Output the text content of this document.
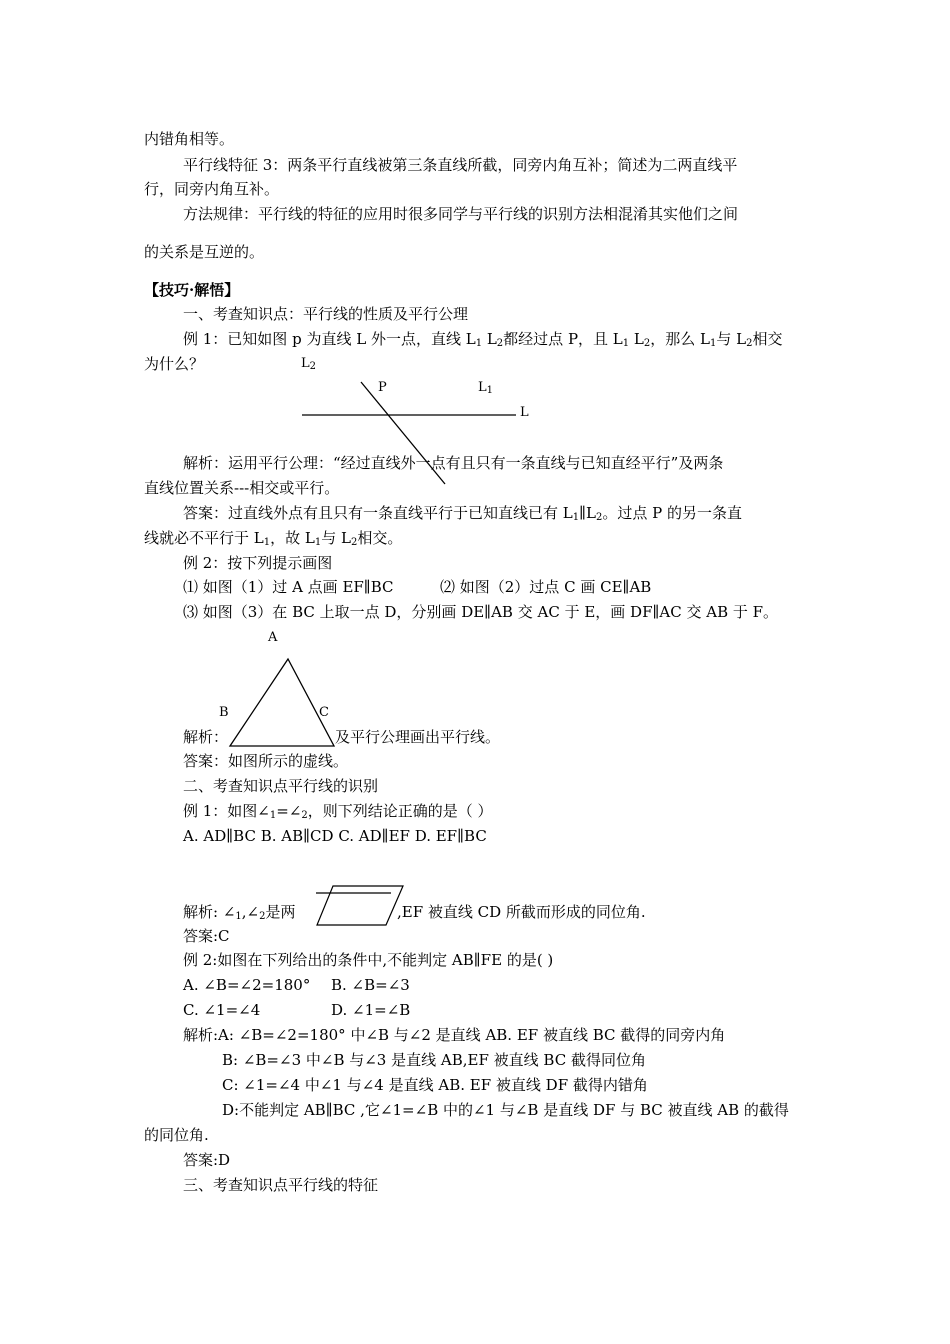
内错角相等。
平行线特征 3：两条平行直线被第三条直线所截，同旁内角互补；简述为二两直线平
行，同旁内角互补。
方法规律：平行线的特征的应用时很多同学与平行线的识别方法相混淆其实他们之间
的关系是互逆的。
【技巧·解悟】
一、考查知识点：平行线的性质及平行公理
例 1：已知如图 p 为直线 L 外一点，直线 $L_1$ $L_2$都经过点 P，且 $L_1$ $L_2$，那么 $L_1$与 $L_2$相交
为什么？	$L_2$
P	$L_1$
L
解析：运用平行公理：“经过直线外一点有且只有一条直线与已知直经平行”及两条
直线位置关系---相交或平行。
答案：过直线外点有且只有一条直线平行于已知直线已有 $L_1\parallel L_2$。过点 P 的另一条直
线就必不平行于 $L_1$，故 $L_1$与 $L_2$相交。
例 2：按下列提示画图
⑴ 如图（1）过 A 点画 EF∥BC	⑵ 如图（2）过点 C 画 CE∥AB
⑶ 如图（3）在 BC 上取一点 D，分别画 DE∥AB 交 AC 于 E，画 DF∥AC 交 AB 于 F。
A
B	C
解析：	及平行公理画出平行线。
答案：如图所示的虚线。
二、考查知识点平行线的识别
例 1：如图$\angle_1=\angle_2$，则下列结论正确的是（ ）
A. AD∥BC B. AB∥CD C. AD∥EF D. EF∥BC
解析: $\angle_1,\angle_2$是两	,EF 被直线 CD 所截而形成的同位角.
答案:C
例 2:如图在下列给出的条件中,不能判定 AB∥FE 的是( )
A. ∠B=∠2=180° B. ∠B=∠3
C. ∠1=∠4	D. ∠1=∠B
解析:A: ∠B=∠2=180° 中∠B 与∠2 是直线 AB. EF 被直线 BC 截得的同旁内角
B: ∠B=∠3 中∠B 与∠3 是直线 AB,EF 被直线 BC 截得同位角
C: ∠1=∠4 中∠1 与∠4 是直线 AB. EF 被直线 DF 截得内错角
D:不能判定 AB∥BC ,它∠1=∠B 中的∠1 与∠B 是直线 DF 与 BC 被直线 AB 的截得
的同位角.
答案:D
三、考查知识点平行线的特征
